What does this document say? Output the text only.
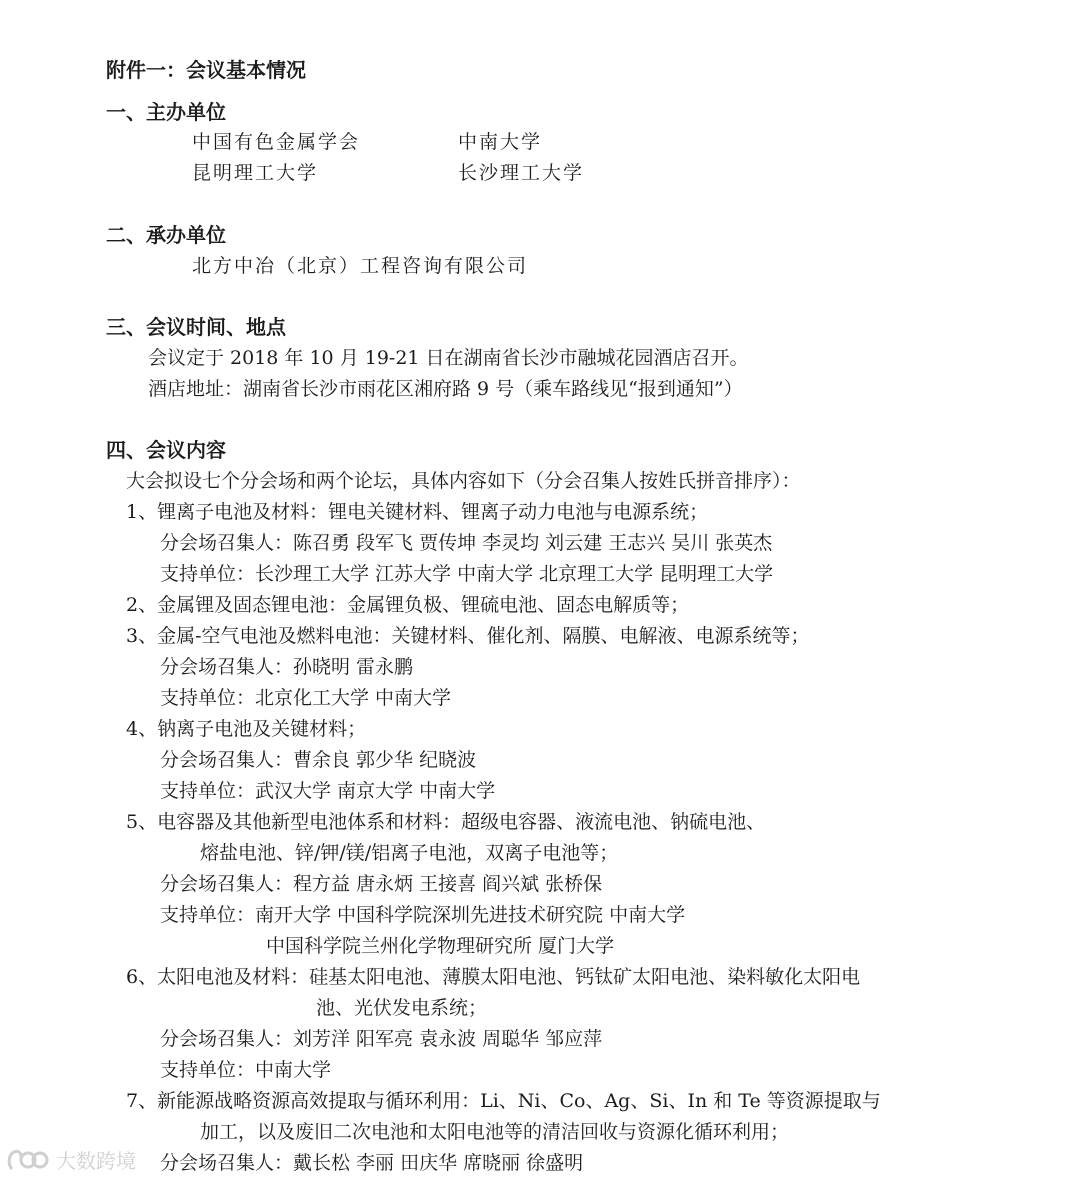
附件一：会议基本情况
一、主办单位
中国有色金属学会	中南大学
昆明理工大学	长沙理工大学
二、承办单位
北方中冶（北京）工程咨询有限公司
三、会议时间、地点
会议定于 2018 年 10 月 19-21 日在湖南省长沙市融城花园酒店召开。
酒店地址：湖南省长沙市雨花区湘府路 9 号（乘车路线见“报到通知”）
四、会议内容
大会拟设七个分会场和两个论坛，具体内容如下（分会召集人按姓氏拼音排序）：
1、锂离子电池及材料：锂电关键材料、锂离子动力电池与电源系统；
分会场召集人：陈召勇 段军飞 贾传坤 李灵均 刘云建 王志兴 吴川 张英杰
支持单位：长沙理工大学 江苏大学 中南大学 北京理工大学 昆明理工大学
2、金属锂及固态锂电池：金属锂负极、锂硫电池、固态电解质等；
3、金属-空气电池及燃料电池：关键材料、催化剂、隔膜、电解液、电源系统等；
分会场召集人：孙晓明 雷永鹏
支持单位：北京化工大学 中南大学
4、钠离子电池及关键材料；
分会场召集人：曹余良 郭少华 纪晓波
支持单位：武汉大学 南京大学 中南大学
5、电容器及其他新型电池体系和材料：超级电容器、液流电池、钠硫电池、
熔盐电池、锌/钾/镁/铝离子电池，双离子电池等；
分会场召集人：程方益 唐永炳 王接喜 阎兴斌 张桥保
支持单位：南开大学 中国科学院深圳先进技术研究院 中南大学
中国科学院兰州化学物理研究所 厦门大学
6、太阳电池及材料：硅基太阳电池、薄膜太阳电池、钙钛矿太阳电池、染料敏化太阳电
池、光伏发电系统；
分会场召集人：刘芳洋 阳军亮 袁永波 周聪华 邹应萍
支持单位：中南大学
7、新能源战略资源高效提取与循环利用：Li、Ni、Co、Ag、Si、In 和 Te 等资源提取与
加工，以及废旧二次电池和太阳电池等的清洁回收与资源化循环利用；
分会场召集人：戴长松 李丽 田庆华 席晓丽 徐盛明
大数跨境
